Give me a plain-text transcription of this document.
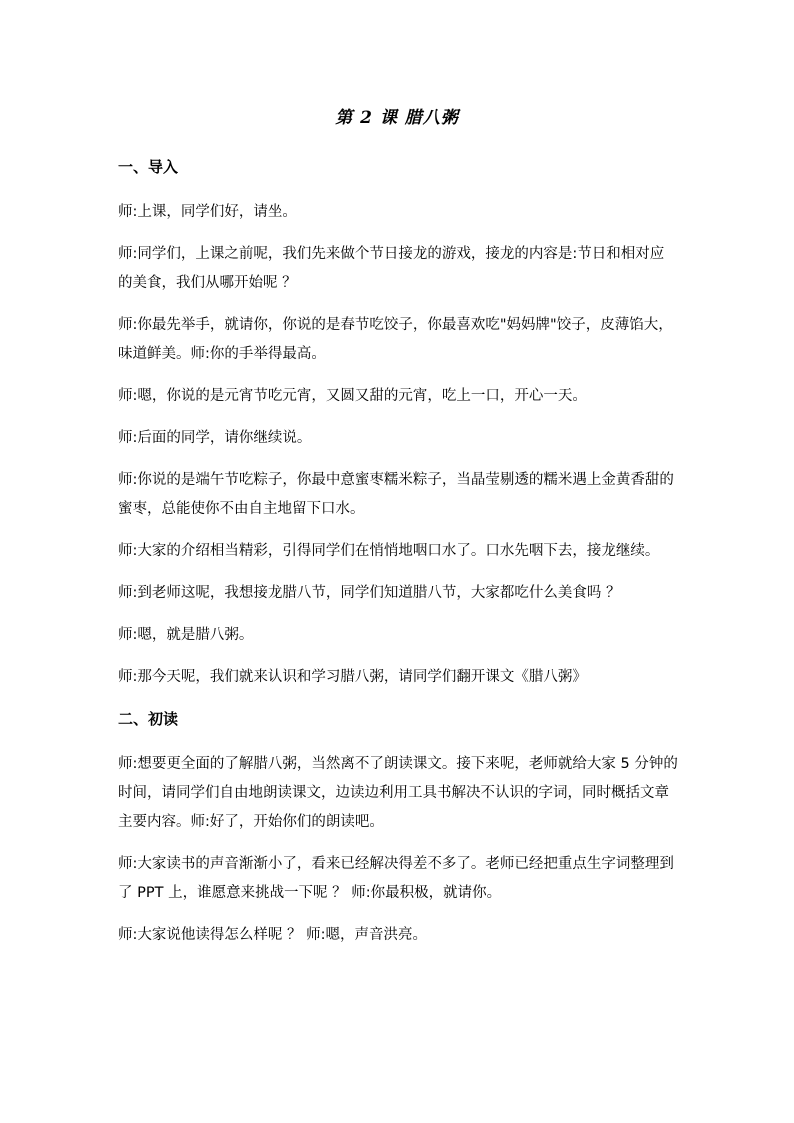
第 2 课 腊八粥
一、导入
师:上课，同学们好，请坐。
师:同学们，上课之前呢，我们先来做个节日接龙的游戏，接龙的内容是:节日和相对应的美食，我们从哪开始呢 ？
师:你最先举手，就请你，你说的是春节吃饺子，你最喜欢吃"妈妈牌"饺子，皮薄馅大，味道鲜美。师:你的手举得最高。
师:嗯，你说的是元宵节吃元宵，又圆又甜的元宵，吃上一口，开心一天。
师:后面的同学，请你继续说。
师:你说的是端午节吃粽子，你最中意蜜枣糯米粽子，当晶莹剔透的糯米遇上金黄香甜的蜜枣，总能使你不由自主地留下口水。
师:大家的介绍相当精彩，引得同学们在悄悄地咽口水了。口水先咽下去，接龙继续。
师:到老师这呢，我想接龙腊八节，同学们知道腊八节，大家都吃什么美食吗 ？
师:嗯，就是腊八粥。
师:那今天呢，我们就来认识和学习腊八粥，请同学们翻开课文《腊八粥》
二、初读
师:想要更全面的了解腊八粥，当然离不了朗读课文。接下来呢，老师就给大家 5 分钟的时间，请同学们自由地朗读课文，边读边利用工具书解决不认识的字词，同时概括文章主要内容。师:好了，开始你们的朗读吧。
师:大家读书的声音渐渐小了，看来已经解决得差不多了。老师已经把重点生字词整理到了 PPT 上，谁愿意来挑战一下呢 ？ 师:你最积极，就请你。
师:大家说他读得怎么样呢 ？ 师:嗯，声音洪亮。
